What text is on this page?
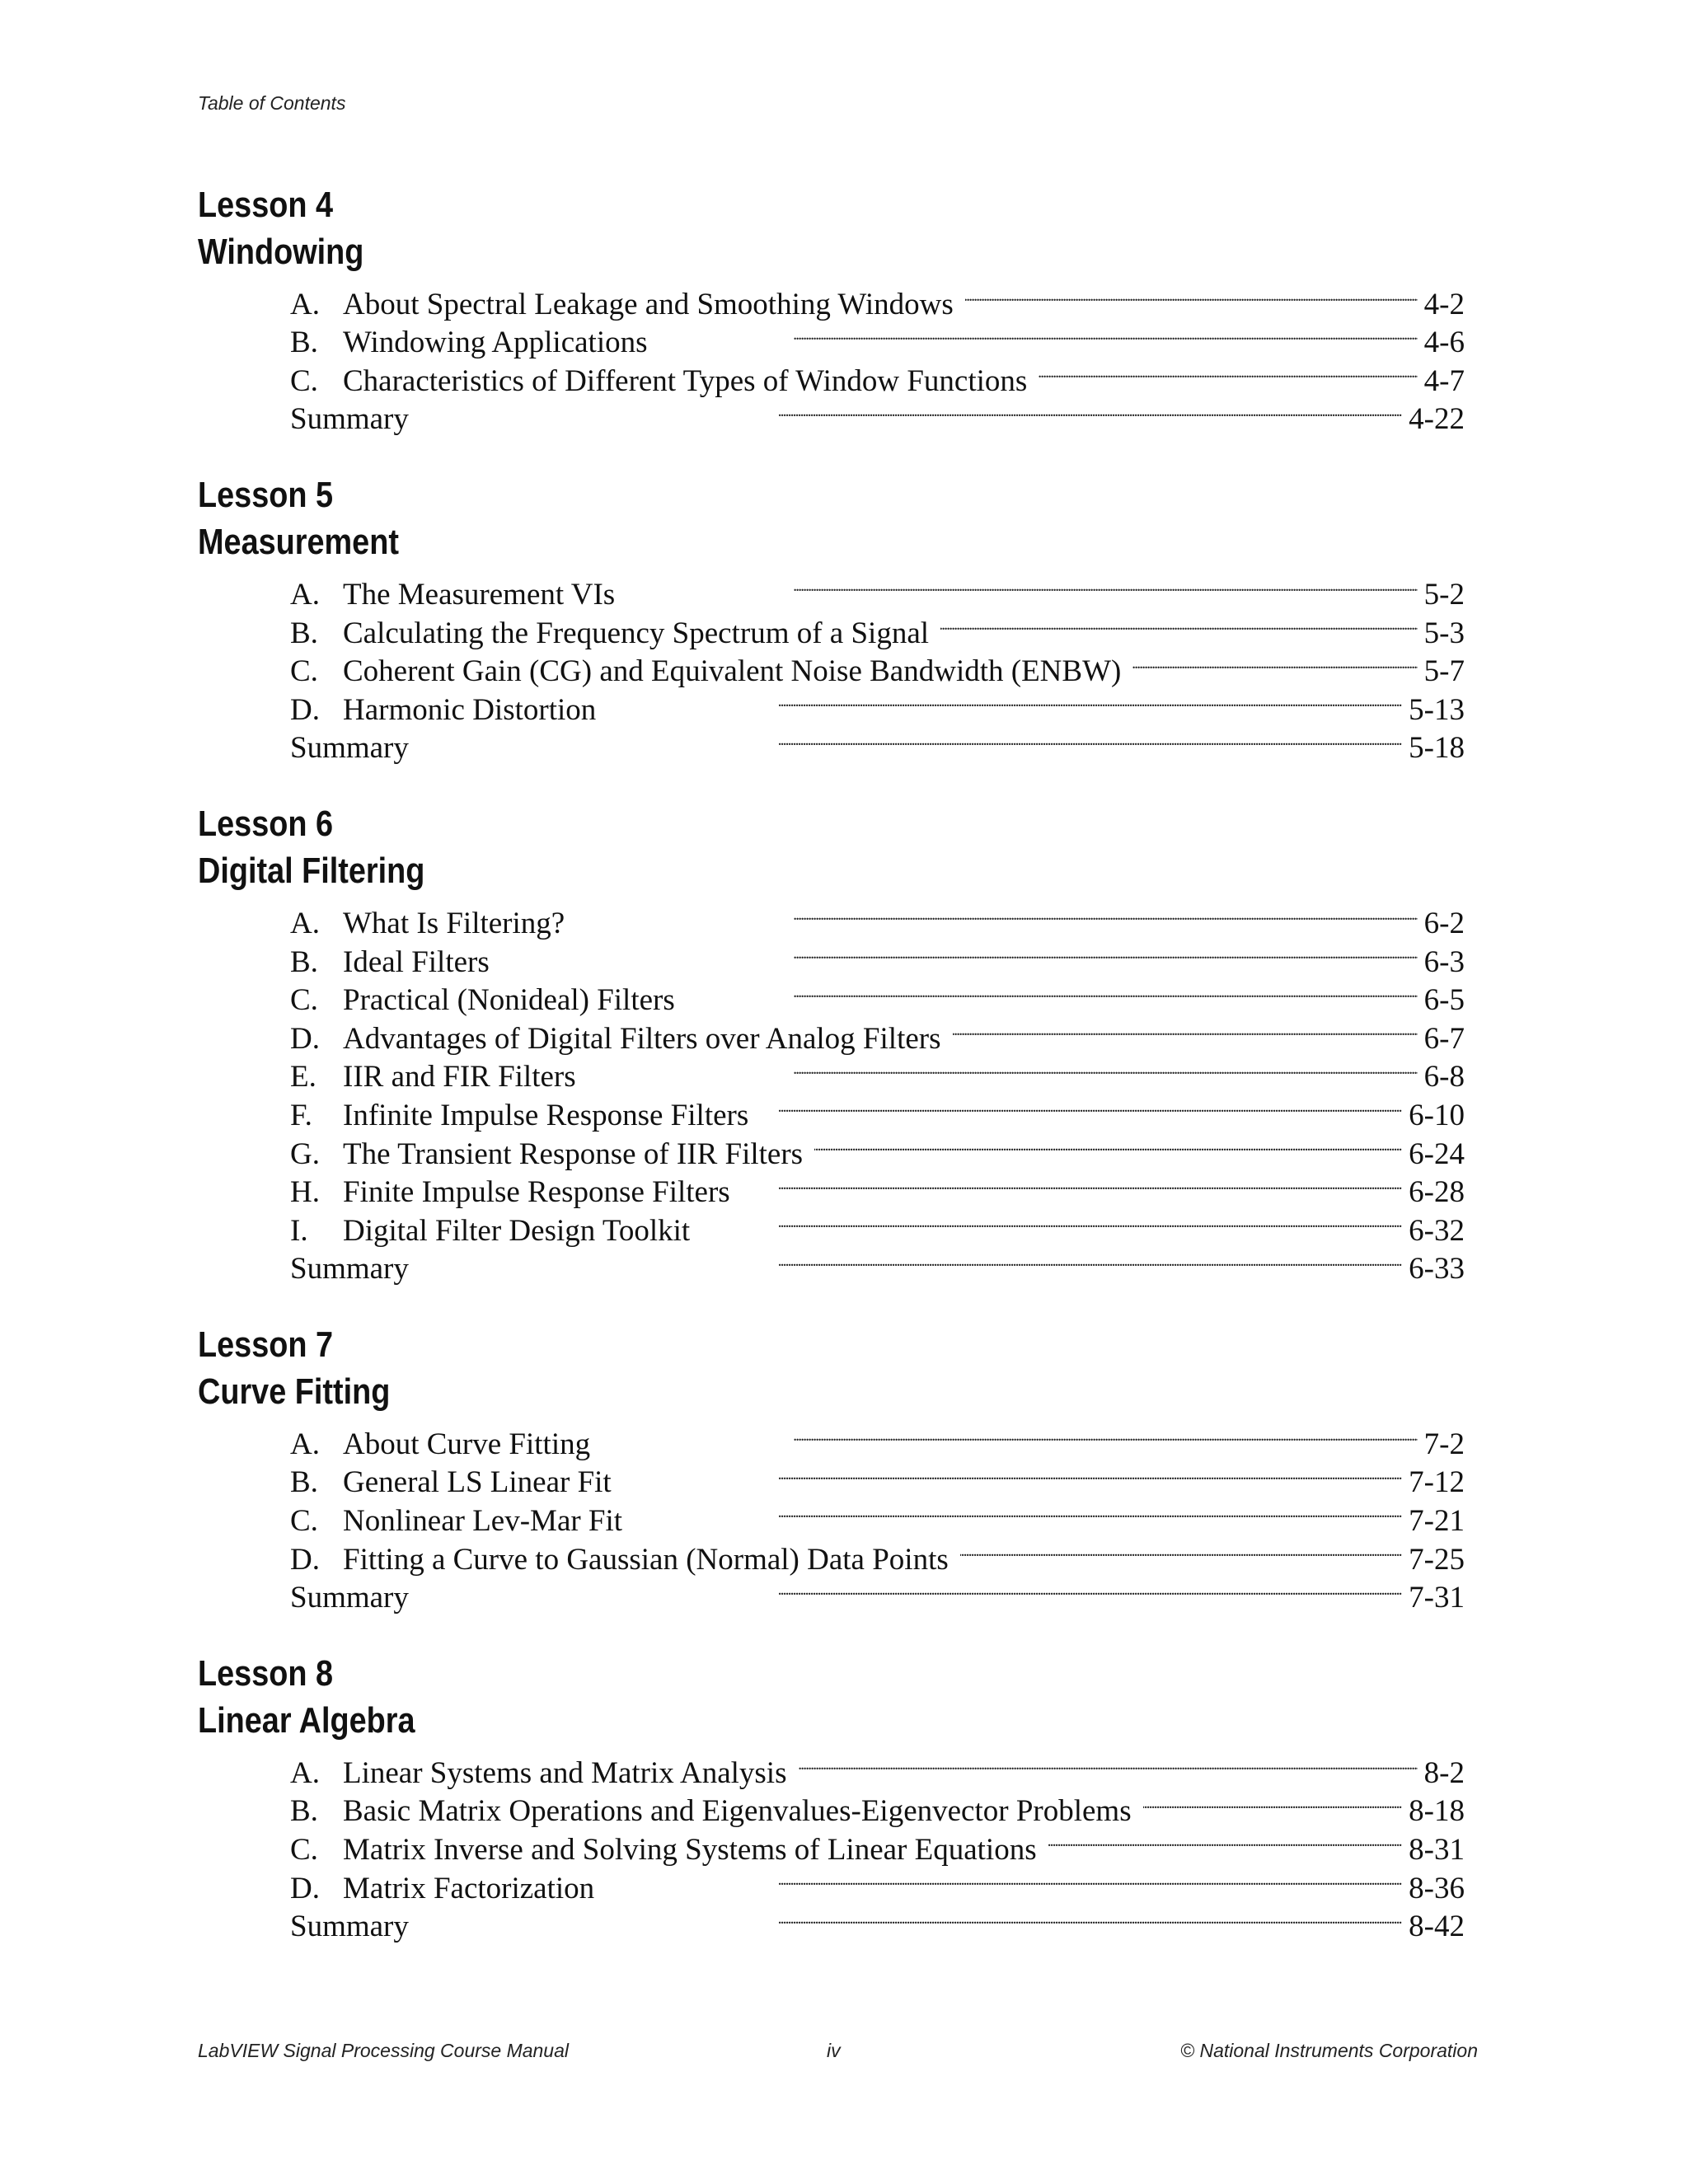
Table of Contents
Lesson 4
Windowing
A. About Spectral Leakage and Smoothing Windows . . .	4-2
B. Windowing Applications . . .	4-6
C. Characteristics of Different Types of Window Functions . . .	4-7
Summary . . .	4-22
Lesson 5
Measurement
A. The Measurement VIs . . .	5-2
B. Calculating the Frequency Spectrum of a Signal . . .	5-3
C. Coherent Gain (CG) and Equivalent Noise Bandwidth (ENBW) . . .	5-7
D. Harmonic Distortion . . .	5-13
Summary . . .	5-18
Lesson 6
Digital Filtering
A. What Is Filtering? . . .	6-2
B. Ideal Filters . . .	6-3
C. Practical (Nonideal) Filters . . .	6-5
D. Advantages of Digital Filters over Analog Filters . . .	6-7
E. IIR and FIR Filters . . .	6-8
F.	Infinite Impulse Response Filters . . .	6-10
G. The Transient Response of IIR Filters . . .	6-24
H. Finite Impulse Response Filters . . .	6-28
I.	Digital Filter Design Toolkit . . .	6-32
Summary . . .	6-33
Lesson 7
Curve Fitting
A. About Curve Fitting . . .	7-2
B. General LS Linear Fit . . .	7-12
C. Nonlinear Lev-Mar Fit . . .	7-21
D. Fitting a Curve to Gaussian (Normal) Data Points . . .	7-25
Summary . . .	7-31
Lesson 8
Linear Algebra
A. Linear Systems and Matrix Analysis . . .	8-2
B. Basic Matrix Operations and Eigenvalues-Eigenvector Problems . . .	8-18
C. Matrix Inverse and Solving Systems of Linear Equations . . .	8-31
D. Matrix Factorization . . .	8-36
Summary . . .	8-42
LabVIEW Signal Processing Course Manual	iv	© National Instruments Corporation
